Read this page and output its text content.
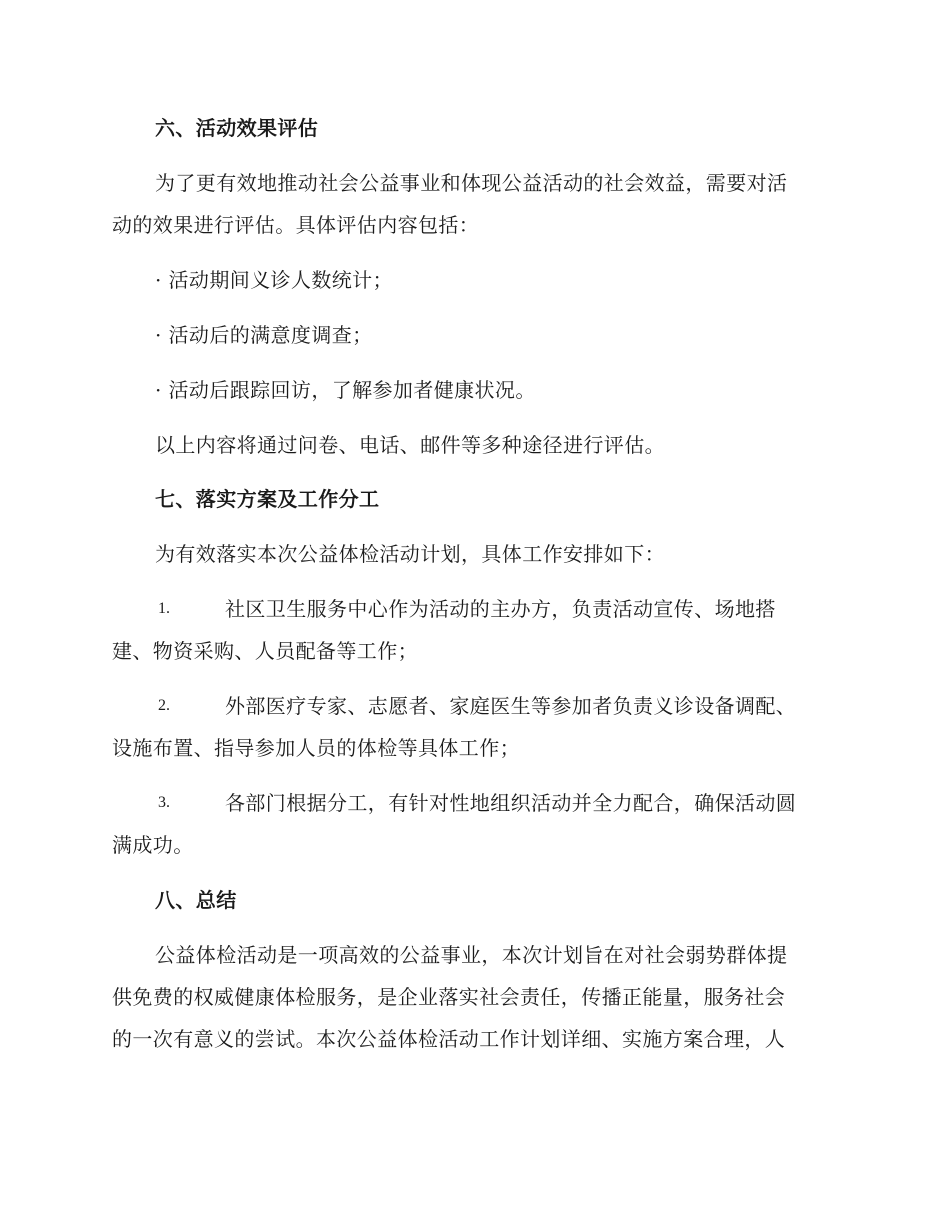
六、活动效果评估
为了更有效地推动社会公益事业和体现公益活动的社会效益，需要对活
动的效果进行评估。具体评估内容包括：
· 活动期间义诊人数统计；
· 活动后的满意度调查；
· 活动后跟踪回访，了解参加者健康状况。
以上内容将通过问卷、电话、邮件等多种途径进行评估。
七、落实方案及工作分工
为有效落实本次公益体检活动计划，具体工作安排如下：
1.	社区卫生服务中心作为活动的主办方，负责活动宣传、场地搭
建、物资采购、人员配备等工作；
2.	外部医疗专家、志愿者、家庭医生等参加者负责义诊设备调配、
设施布置、指导参加人员的体检等具体工作；
3.	各部门根据分工，有针对性地组织活动并全力配合，确保活动圆
满成功。
八、总结
公益体检活动是一项高效的公益事业，本次计划旨在对社会弱势群体提
供免费的权威健康体检服务，是企业落实社会责任，传播正能量，服务社会
的一次有意义的尝试。本次公益体检活动工作计划详细、实施方案合理，人
